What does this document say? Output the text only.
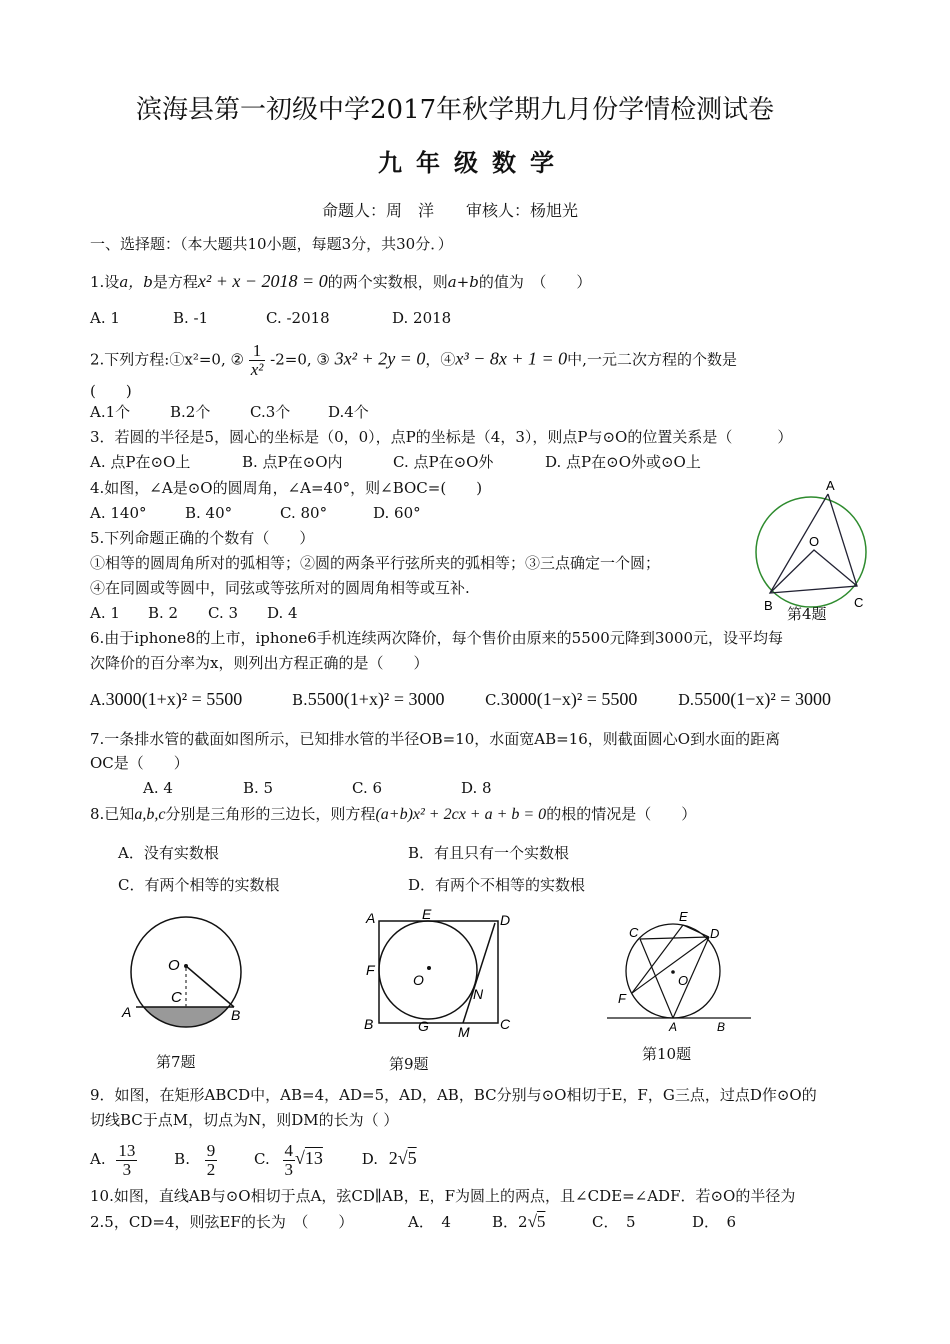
滨海县第一初级中学2017年秋学期九月份学情检测试卷
九年级数学
命题人：周　洋　　审核人：杨旭光
一、选择题：（本大题共10小题，每题3分，共30分．）
1.设a，b是方程x² + x − 2018 = 0的两个实数根，则a+b的值为　（　　）
A. 1	B. -1	C. -2018	D. 2018
2.下列方程:①x²=0, ② $\frac{1}{\text{x²}} -2=0$, ③ 3x² + 2y = 0，④x³ − 8x + 1 = 0中,一元二次方程的个数是
(　　)
A.1个	B.2个	C.3个	D.4个
3．若圆的半径是5，圆心的坐标是（0，0），点P的坐标是（4，3），则点P与⊙O的位置关系是（　　　）
A. 点P在⊙O上	B. 点P在⊙O内	C. 点P在⊙O外	D. 点P在⊙O外或⊙O上
4.如图，∠A是⊙O的圆周角，∠A=40°，则∠BOC=(　　)
A. 140°	B. 40°	C. 80°	D. 60°
A
O
B	C
第4题
5.下列命题正确的个数有（　　）
①相等的圆周角所对的弧相等；②圆的两条平行弦所夹的弧相等；③三点确定一个圆；
④在同圆或等圆中，同弦或等弦所对的圆周角相等或互补.
A. 1 B. 2 C. 3 D. 4
6.由于iphone8的上市，iphone6手机连续两次降价，每个售价由原来的5500元降到3000元，设平均每
次降价的百分率为x，则列出方程正确的是（　　）
A.3000(1+x)² = 5500	B.5500(1+x)² = 3000	C.3000(1−x)² = 5500	D.5500(1−x)² = 3000
7.一条排水管的截面如图所示，已知排水管的半径OB=10，水面宽AB=16，则截面圆心O到水面的距离
OC是（　　）
A. 4	B. 5	C. 6	D. 8
8.已知a,b,c分别是三角形的三边长，则方程(a+b)x² + 2cx + a + b = 0的根的情况是（　　）
A．没有实数根	B．有且只有一个实数根
C．有两个相等的实数根	D．有两个不相等的实数根
O
C
A	B
第7题
A	E	D
F
O
N
B	G M C
第9题
E
C	D
O
F
A	B
第10题
9．如图，在矩形ABCD中，AB=4，AD=5，AD，AB，BC分别与⊙O相切于E，F，G三点，过点D作⊙O的
切线BC于点M，切点为N，则DM的长为（ ）
A. $\frac{13}{3} B$. $\frac{9}{2} C$. $\frac{4}{3} √13$	D. 2√5
10.如图，直线AB与⊙O相切于点A，弦CD∥AB，E，F为圆上的两点，且∠CDE=∠ADF．若⊙O的半径为
2.5，CD=4，则弦EF的长为　（　　）	A．　4	B．2√5	C．　5	D．　6
